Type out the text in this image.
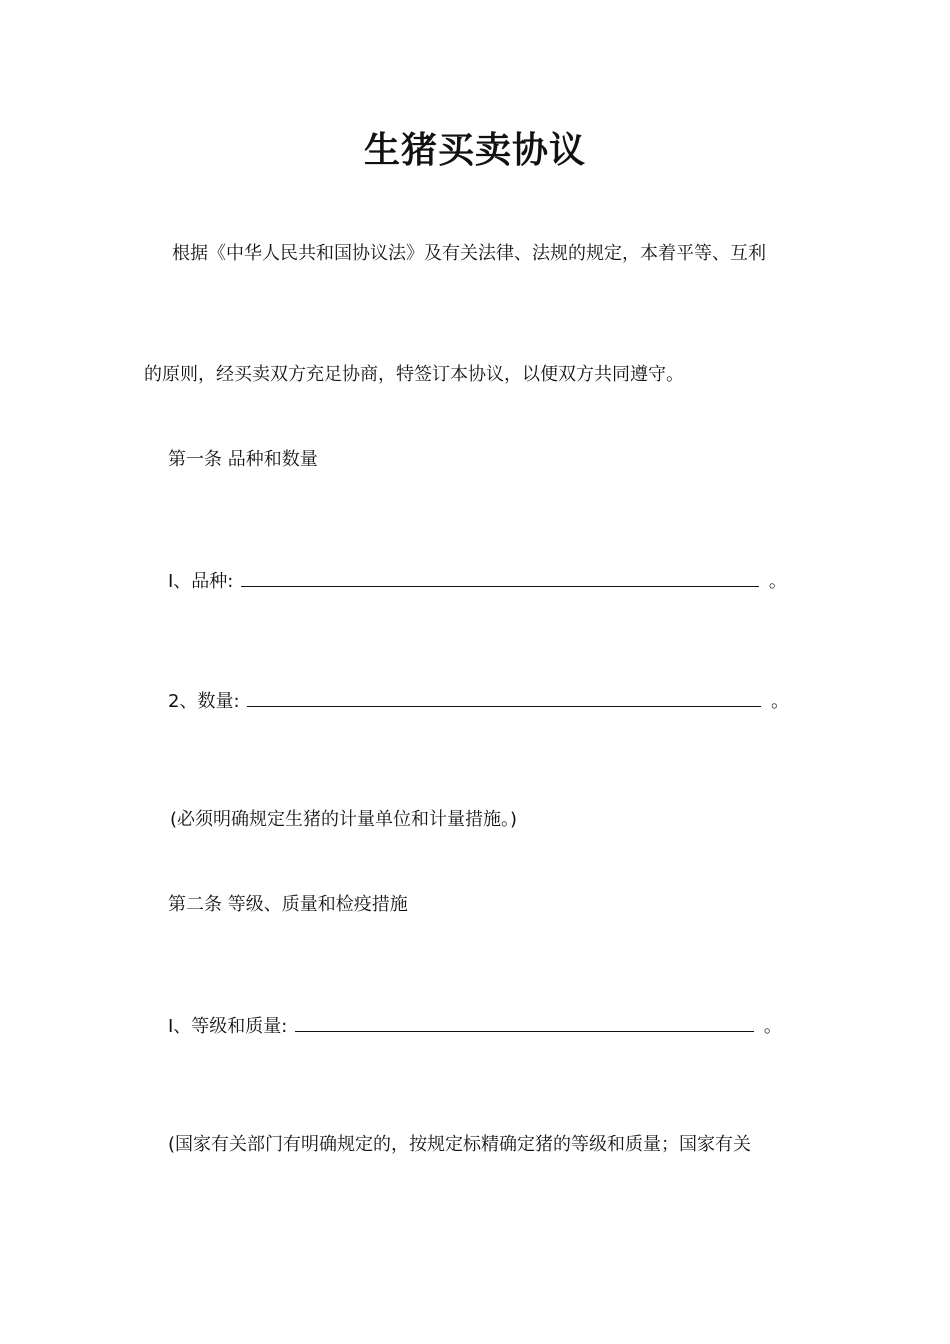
生猪买卖协议
根据《中华人民共和国协议法》及有关法律、法规的规定，本着平等、互利
的原则，经买卖双方充足协商，特签订本协议，以便双方共同遵守。
第一条 品种和数量
I、品种:	。
2、数量:	。
(必须明确规定生猪的计量单位和计量措施。)
第二条 等级、质量和检疫措施
I、等级和质量:	。
(国家有关部门有明确规定的，按规定标精确定猪的等级和质量；国家有关
